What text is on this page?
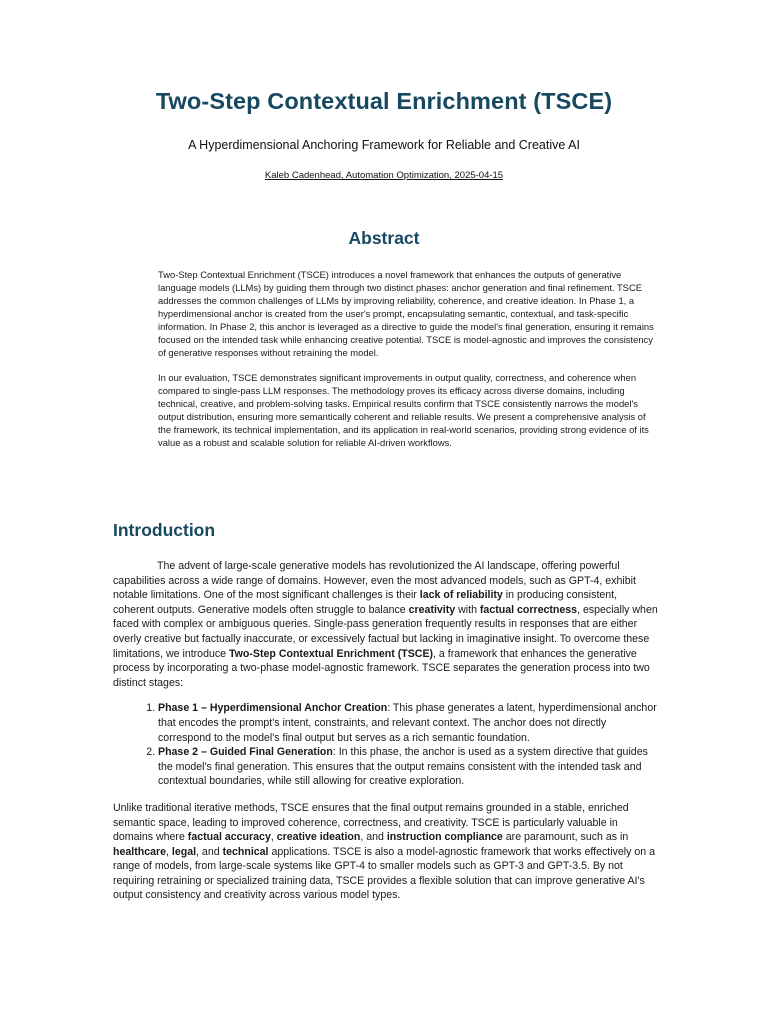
Two-Step Contextual Enrichment (TSCE)

A Hyperdimensional Anchoring Framework for Reliable and Creative AI

Kaleb Cadenhead, Automation Optimization, 2025-04-15

Abstract

Two-Step Contextual Enrichment (TSCE) introduces a novel framework that enhances the outputs of generative language models (LLMs) by guiding them through two distinct phases: anchor generation and final refinement. TSCE addresses the common challenges of LLMs by improving reliability, coherence, and creative ideation. In Phase 1, a hyperdimensional anchor is created from the user's prompt, encapsulating semantic, contextual, and task-specific information. In Phase 2, this anchor is leveraged as a directive to guide the model's final generation, ensuring it remains focused on the intended task while enhancing creative potential. TSCE is model-agnostic and improves the consistency of generative responses without retraining the model.

In our evaluation, TSCE demonstrates significant improvements in output quality, correctness, and coherence when compared to single-pass LLM responses. The methodology proves its efficacy across diverse domains, including technical, creative, and problem-solving tasks. Empirical results confirm that TSCE consistently narrows the model's output distribution, ensuring more semantically coherent and reliable results. We present a comprehensive analysis of the framework, its technical implementation, and its application in real-world scenarios, providing strong evidence of its value as a robust and scalable solution for reliable AI-driven workflows.

Introduction

The advent of large-scale generative models has revolutionized the AI landscape, offering powerful capabilities across a wide range of domains. However, even the most advanced models, such as GPT-4, exhibit notable limitations. One of the most significant challenges is their lack of reliability in producing consistent, coherent outputs. Generative models often struggle to balance creativity with factual correctness, especially when faced with complex or ambiguous queries. Single-pass generation frequently results in responses that are either overly creative but factually inaccurate, or excessively factual but lacking in imaginative insight. To overcome these limitations, we introduce Two-Step Contextual Enrichment (TSCE), a framework that enhances the generative process by incorporating a two-phase model-agnostic framework. TSCE separates the generation process into two distinct stages:

1. Phase 1 – Hyperdimensional Anchor Creation: This phase generates a latent, hyperdimensional anchor that encodes the prompt's intent, constraints, and relevant context. The anchor does not directly correspond to the model's final output but serves as a rich semantic foundation.
2. Phase 2 – Guided Final Generation: In this phase, the anchor is used as a system directive that guides the model's final generation. This ensures that the output remains consistent with the intended task and contextual boundaries, while still allowing for creative exploration.

Unlike traditional iterative methods, TSCE ensures that the final output remains grounded in a stable, enriched semantic space, leading to improved coherence, correctness, and creativity. TSCE is particularly valuable in domains where factual accuracy, creative ideation, and instruction compliance are paramount, such as in healthcare, legal, and technical applications. TSCE is also a model-agnostic framework that works effectively on a range of models, from large-scale systems like GPT-4 to smaller models such as GPT-3 and GPT-3.5. By not requiring retraining or specialized training data, TSCE provides a flexible solution that can improve generative AI's output consistency and creativity across various model types.
